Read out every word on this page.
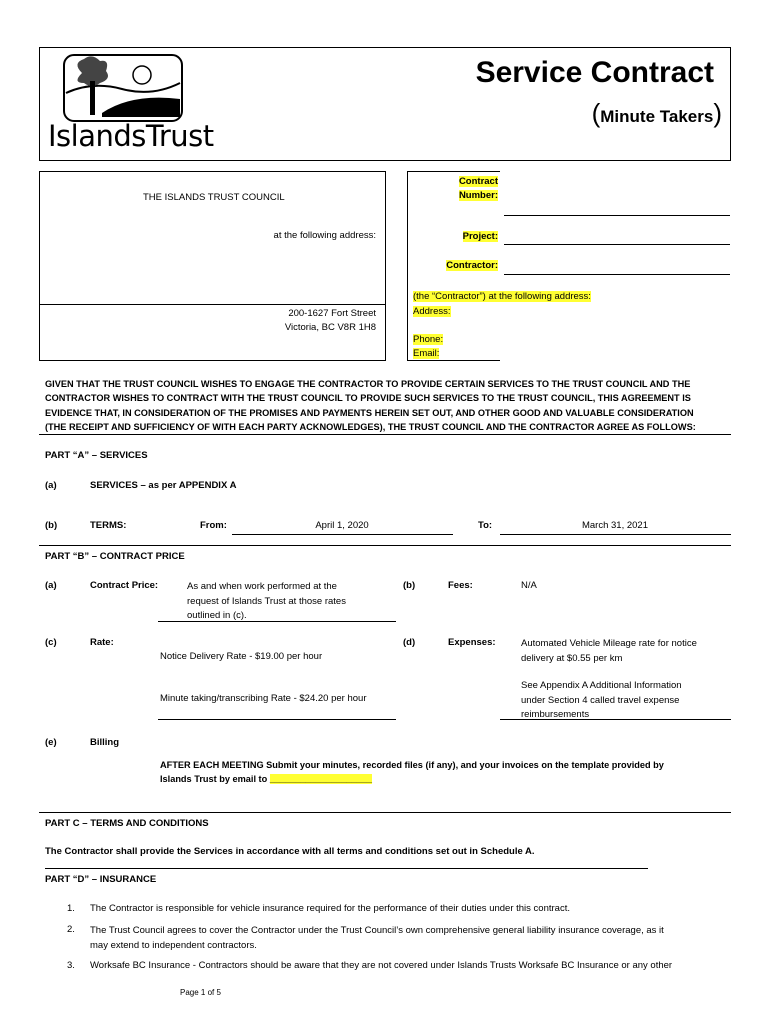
IslandsTrust
Service Contract
(Minute Takers)
THE ISLANDS TRUST COUNCIL
at the following address:
200-1627 Fort Street
Victoria, BC V8R 1H8
Contract
Number:
Project:
Contractor:
(the “Contractor”) at the following address:
Address:
Phone:
Email:
GIVEN THAT THE TRUST COUNCIL WISHES TO ENGAGE THE CONTRACTOR TO PROVIDE CERTAIN SERVICES TO THE TRUST COUNCIL AND THE
CONTRACTOR WISHES TO CONTRACT WITH THE TRUST COUNCIL TO PROVIDE SUCH SERVICES TO THE TRUST COUNCIL, THIS AGREEMENT IS
EVIDENCE THAT, IN CONSIDERATION OF THE PROMISES AND PAYMENTS HEREIN SET OUT, AND OTHER GOOD AND VALUABLE CONSIDERATION
(THE RECEIPT AND SUFFICIENCY OF WITH EACH PARTY ACKNOWLEDGES), THE TRUST COUNCIL AND THE CONTRACTOR AGREE AS FOLLOWS:
PART “A” – SERVICES
(a)	SERVICES – as per APPENDIX A
(b)	TERMS:	From:	April 1, 2020	To:	March 31, 2021
PART “B” – CONTRACT PRICE
(a)	Contract Price:	As and when work performed at the
request of Islands Trust at those rates
outlined in (c).
(b)	Fees:	N/A
(c)	Rate:
Notice Delivery Rate - $19.00 per hour
Minute taking/transcribing Rate - $24.20 per hour
(d)	Expenses:	Automated Vehicle Mileage rate for notice
delivery at $0.55 per km
See Appendix A Additional Information
under Section 4 called travel expense
reimbursements
(e)	Billing
AFTER EACH MEETING Submit your minutes, recorded files (if any), and your invoices on the template provided by
Islands Trust by email to ____________________
PART C – TERMS AND CONDITIONS
The Contractor shall provide the Services in accordance with all terms and conditions set out in Schedule A.
PART “D” – INSURANCE
1. The Contractor is responsible for vehicle insurance required for the performance of their duties under this contract.
2. The Trust Council agrees to cover the Contractor under the Trust Council’s own comprehensive general liability insurance coverage, as it
may extend to independent contractors.
3. Worksafe BC Insurance - Contractors should be aware that they are not covered under Islands Trusts Worksafe BC Insurance or any other
Page 1 of 5
